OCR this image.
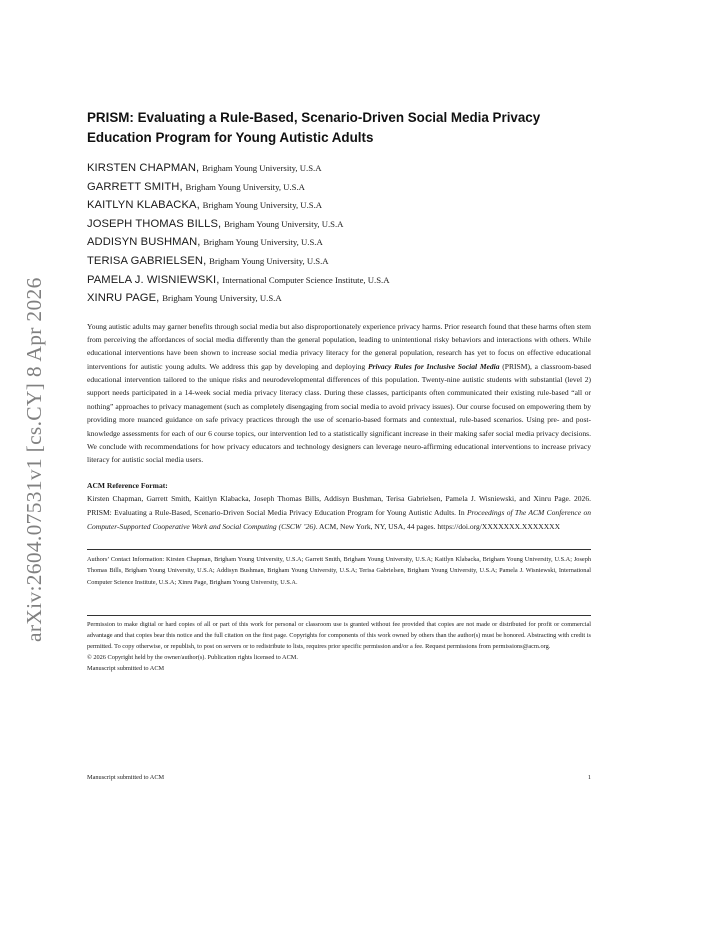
arXiv:2604.07531v1 [cs.CY] 8 Apr 2026
PRISM: Evaluating a Rule-Based, Scenario-Driven Social Media Privacy
Education Program for Young Autistic Adults
KIRSTEN CHAPMAN, Brigham Young University, U.S.A
GARRETT SMITH, Brigham Young University, U.S.A
KAITLYN KLABACKA, Brigham Young University, U.S.A
JOSEPH THOMAS BILLS, Brigham Young University, U.S.A
ADDISYN BUSHMAN, Brigham Young University, U.S.A
TERISA GABRIELSEN, Brigham Young University, U.S.A
PAMELA J. WISNIEWSKI, International Computer Science Institute, U.S.A
XINRU PAGE, Brigham Young University, U.S.A

Young autistic adults may garner benefits through social media but also disproportionately experience privacy harms. Prior research found that these harms often stem from perceiving the affordances of social media differently than the general population, leading to unintentional risky behaviors and interactions with others. While educational interventions have been shown to increase social media privacy literacy for the general population, research has yet to focus on effective educational interventions for autistic young adults. We address this gap by developing and deploying Privacy Rules for Inclusive Social Media (PRISM), a classroom-based educational intervention tailored to the unique risks and neurodevelopmental differences of this population. Twenty-nine autistic students with substantial (level 2) support needs participated in a 14-week social media privacy literacy class. During these classes, participants often communicated their existing rule-based “all or nothing” approaches to privacy management (such as completely disengaging from social media to avoid privacy issues). Our course focused on empowering them by providing more nuanced guidance on safe privacy practices through the use of scenario-based formats and contextual, rule-based scenarios. Using pre- and post-knowledge assessments for each of our 6 course topics, our intervention led to a statistically significant increase in their making safer social media privacy decisions. We conclude with recommendations for how privacy educators and technology designers can leverage neuro-affirming educational interventions to increase privacy literacy for autistic social media users.

ACM Reference Format:
Kirsten Chapman, Garrett Smith, Kaitlyn Klabacka, Joseph Thomas Bills, Addisyn Bushman, Terisa Gabrielsen, Pamela J. Wisniewski, and Xinru Page. 2026. PRISM: Evaluating a Rule-Based, Scenario-Driven Social Media Privacy Education Program for Young Autistic Adults. In Proceedings of The ACM Conference on Computer-Supported Cooperative Work and Social Computing (CSCW ’26). ACM, New York, NY, USA, 44 pages. https://doi.org/XXXXXXX.XXXXXXX
Authors’ Contact Information: Kirsten Chapman, Brigham Young University, U.S.A; Garrett Smith, Brigham Young University, U.S.A; Kaitlyn Klabacka, Brigham Young University, U.S.A; Joseph Thomas Bills, Brigham Young University, U.S.A; Addisyn Bushman, Brigham Young University, U.S.A; Terisa Gabrielsen, Brigham Young University, U.S.A; Pamela J. Wisniewski, International Computer Science Institute, U.S.A; Xinru Page, Brigham Young University, U.S.A.
Permission to make digital or hard copies of all or part of this work for personal or classroom use is granted without fee provided that copies are not made or distributed for profit or commercial advantage and that copies bear this notice and the full citation on the first page. Copyrights for components of this work owned by others than the author(s) must be honored. Abstracting with credit is permitted. To copy otherwise, or republish, to post on servers or to redistribute to lists, requires prior specific permission and/or a fee. Request permissions from permissions@acm.org.
© 2026 Copyright held by the owner/author(s). Publication rights licensed to ACM.
Manuscript submitted to ACM
Manuscript submitted to ACM	1
